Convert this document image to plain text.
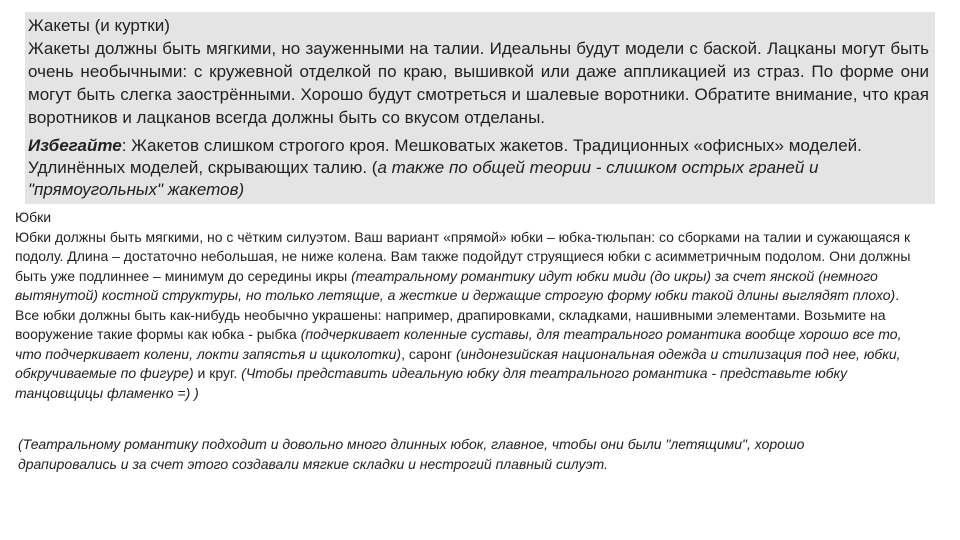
Жакеты (и куртки)

Жакеты должны быть мягкими, но зауженными на талии. Идеальны будут модели с баской. Лацканы могут быть очень необычными: с кружевной отделкой по краю, вышивкой или даже аппликацией из страз. По форме они могут быть слегка заострёнными. Хорошо будут смотреться и шалевые воротники. Обратите внимание, что края воротников и лацканов всегда должны быть со вкусом отделаны.

Избегайте: Жакетов слишком строгого кроя. Мешковатых жакетов. Традиционных «офисных» моделей. Удлинённых моделей, скрывающих талию. (а также по общей теории - слишком острых граней и "прямоугольных" жакетов)

Юбки

Юбки должны быть мягкими, но с чётким силуэтом. Ваш вариант «прямой» юбки – юбка-тюльпан: со сборками на талии и сужающаяся к подолу. Длина – достаточно небольшая, не ниже колена. Вам также подойдут струящиеся юбки с асимметричным подолом. Они должны быть уже подлиннее – минимум до середины икры (театральному романтику идут юбки миди (до икры) за счет янской (немного вытянутой) костной структуры, но только летящие, а жесткие и держащие строгую форму юбки такой длины выглядят плохо). Все юбки должны быть как-нибудь необычно украшены: например, драпировками, складками, нашивными элементами. Возьмите на вооружение такие формы как юбка - рыбка (подчеркивает коленные суставы, для театрального романтика вообще хорошо все то, что подчеркивает колени, локти запястья и щиколотки), саронг (индонезийская национальная одежда и стилизация под нее, юбки, обкручиваемые по фигуре) и круг. (Чтобы представить идеальную юбку для театрального романтика - представьте юбку танцовщицы фламенко =) )

(Театральному романтику подходит и довольно много длинных юбок, главное, чтобы они были "летящими", хорошо драпировались и за счет этого создавали мягкие складки и нестрогий плавный силуэт.
